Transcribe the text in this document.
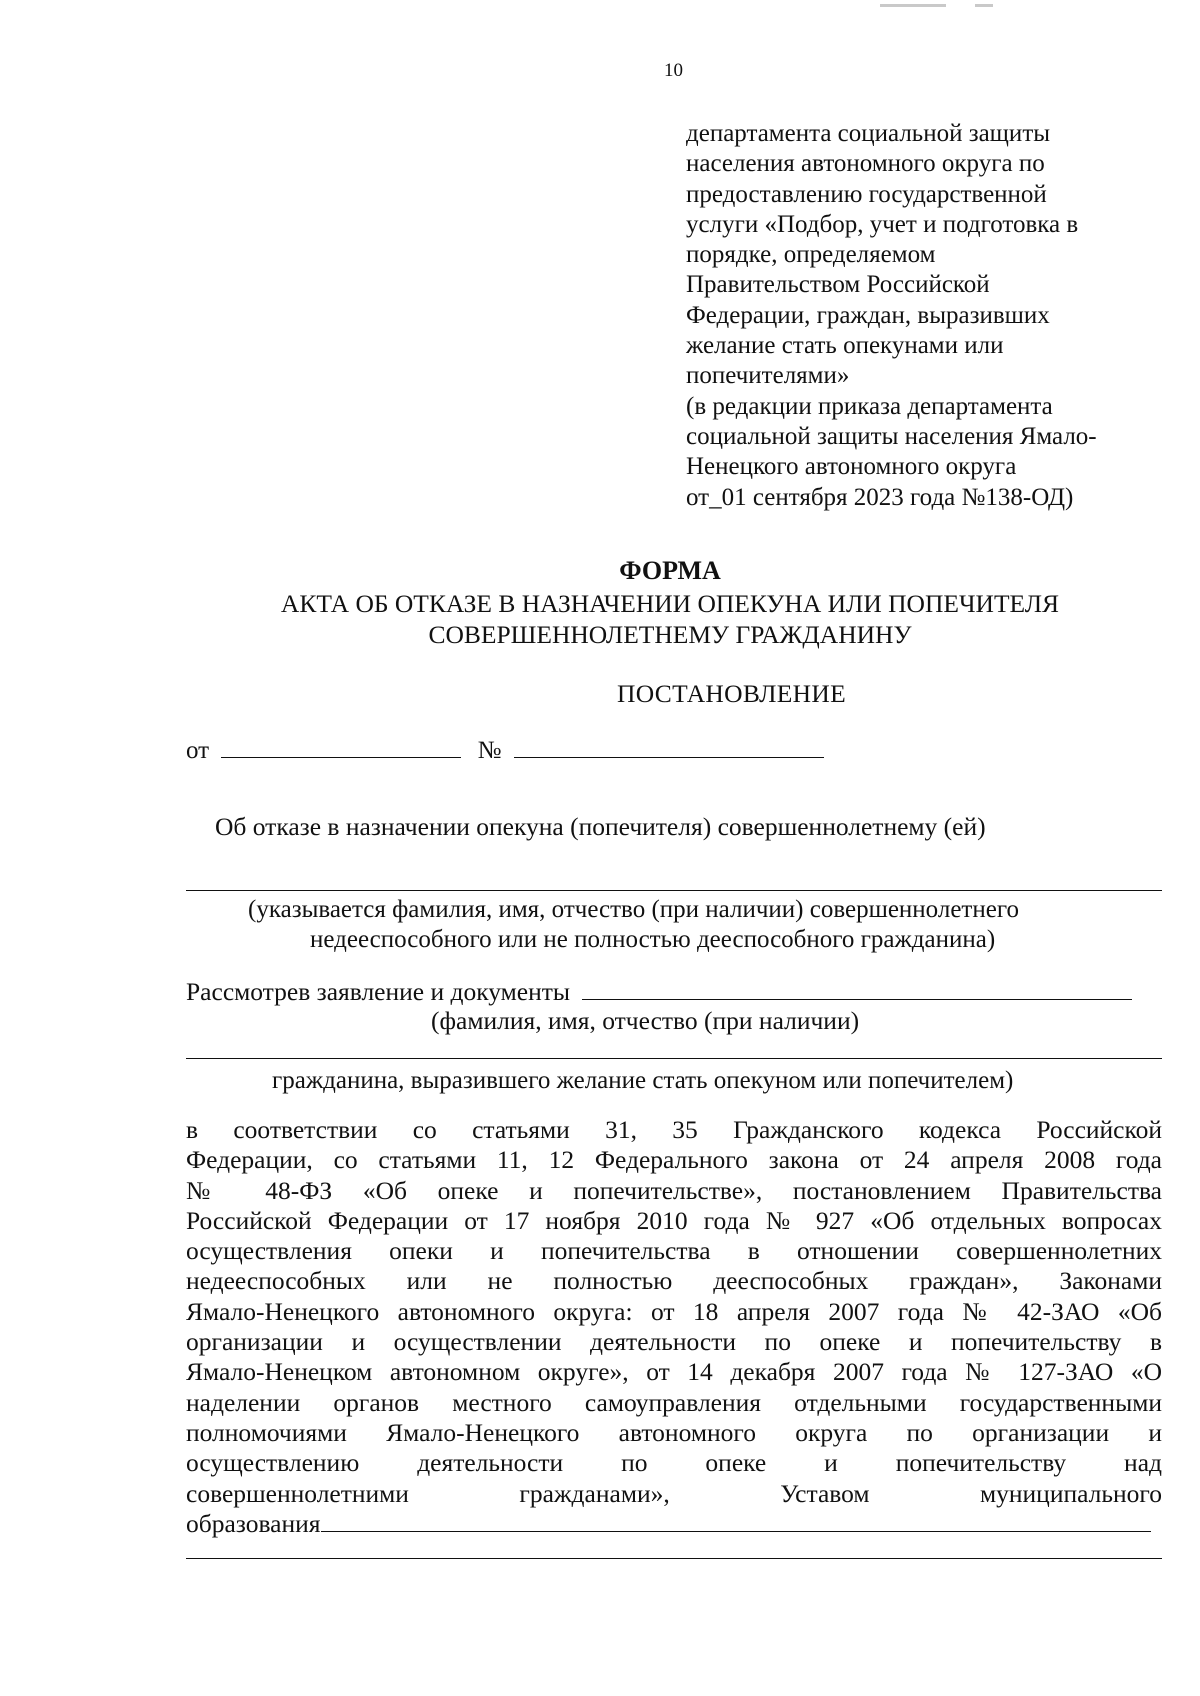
10
департамента социальной защиты
населения автономного округа по
предоставлению государственной
услуги «Подбор, учет и подготовка в
порядке, определяемом
Правительством Российской
Федерации, граждан, выразивших
желание стать опекунами или
попечителями»
(в редакции приказа департамента
социальной защиты населения Ямало-
Ненецкого автономного округа
от_01 сентября 2023 года №138-ОД)
ФОРМА
АКТА ОБ ОТКАЗЕ В НАЗНАЧЕНИИ ОПЕКУНА ИЛИ ПОПЕЧИТЕЛЯ
СОВЕРШЕННОЛЕТНЕМУ ГРАЖДАНИНУ
ПОСТАНОВЛЕНИЕ
от	№
Об отказе в назначении опекуна (попечителя) совершеннолетнему (ей)
(указывается фамилия, имя, отчество (при наличии) совершеннолетнего
недееспособного или не полностью дееспособного гражданина)
Рассмотрев заявление и документы
(фамилия, имя, отчество (при наличии)
гражданина, выразившего желание стать опекуном или попечителем)
в соответствии со статьями 31, 35 Гражданского кодекса Российской
Федерации, со статьями 11, 12 Федерального закона от 24 апреля 2008 года
№ 48-ФЗ «Об опеке и попечительстве», постановлением Правительства
Российской Федерации от 17 ноября 2010 года № 927 «Об отдельных вопросах
осуществления опеки и попечительства в отношении совершеннолетних
недееспособных или не полностью дееспособных граждан», Законами
Ямало-Ненецкого автономного округа: от 18 апреля 2007 года № 42-ЗАО «Об
организации и осуществлении деятельности по опеке и попечительству в
Ямало-Ненецком автономном округе», от 14 декабря 2007 года № 127-ЗАО «О
наделении органов местного самоуправления отдельными государственными
полномочиями Ямало-Ненецкого автономного округа по организации и
осуществлению деятельности по опеке и попечительству над
совершеннолетними гражданами», Уставом муниципального
образования
